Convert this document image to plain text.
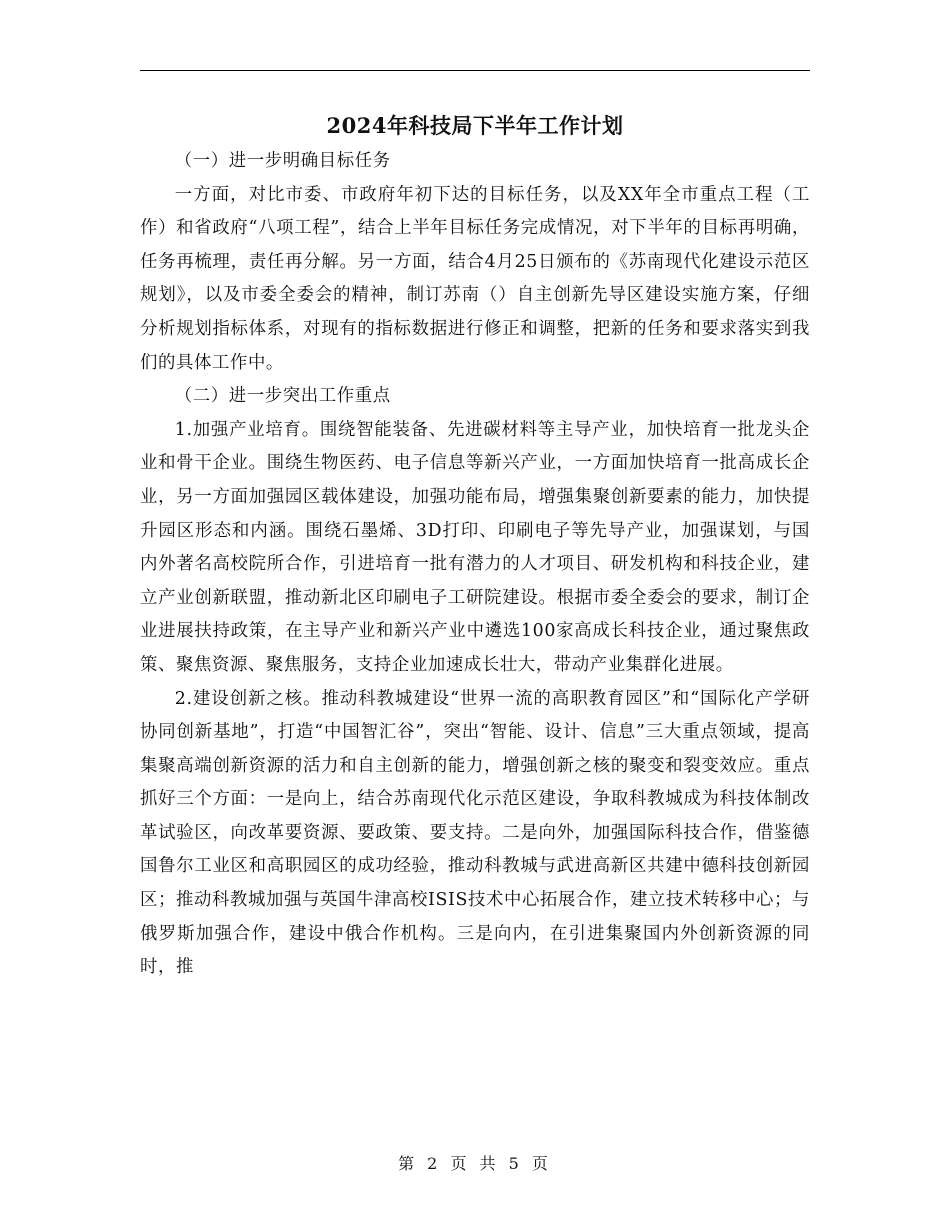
2024年科技局下半年工作计划

（一）进一步明确目标任务

一方面，对比市委、市政府年初下达的目标任务，以及XX年全市重点工程（工作）和省政府“八项工程”，结合上半年目标任务完成情况，对下半年的目标再明确，任务再梳理，责任再分解。另一方面，结合4月25日颁布的《苏南现代化建设示范区规划》，以及市委全委会的精神，制订苏南（）自主创新先导区建设实施方案，仔细分析规划指标体系，对现有的指标数据进行修正和调整，把新的任务和要求落实到我们的具体工作中。

（二）进一步突出工作重点

1.加强产业培育。围绕智能装备、先进碳材料等主导产业，加快培育一批龙头企业和骨干企业。围绕生物医药、电子信息等新兴产业，一方面加快培育一批高成长企业，另一方面加强园区载体建设，加强功能布局，增强集聚创新要素的能力，加快提升园区形态和内涵。围绕石墨烯、3D打印、印刷电子等先导产业，加强谋划，与国内外著名高校院所合作，引进培育一批有潜力的人才项目、研发机构和科技企业，建立产业创新联盟，推动新北区印刷电子工研院建设。根据市委全委会的要求，制订企业进展扶持政策，在主导产业和新兴产业中遴选100家高成长科技企业，通过聚焦政策、聚焦资源、聚焦服务，支持企业加速成长壮大，带动产业集群化进展。

2.建设创新之核。推动科教城建设“世界一流的高职教育园区”和“国际化产学研协同创新基地”，打造“中国智汇谷”，突出“智能、设计、信息”三大重点领域，提高集聚高端创新资源的活力和自主创新的能力，增强创新之核的聚变和裂变效应。重点抓好三个方面：一是向上，结合苏南现代化示范区建设，争取科教城成为科技体制改革试验区，向改革要资源、要政策、要支持。二是向外，加强国际科技合作，借鉴德国鲁尔工业区和高职园区的成功经验，推动科教城与武进高新区共建中德科技创新园区；推动科教城加强与英国牛津高校ISIS技术中心拓展合作，建立技术转移中心；与俄罗斯加强合作，建设中俄合作机构。三是向内，在引进集聚国内外创新资源的同时，推

第 2 页 共 5 页
